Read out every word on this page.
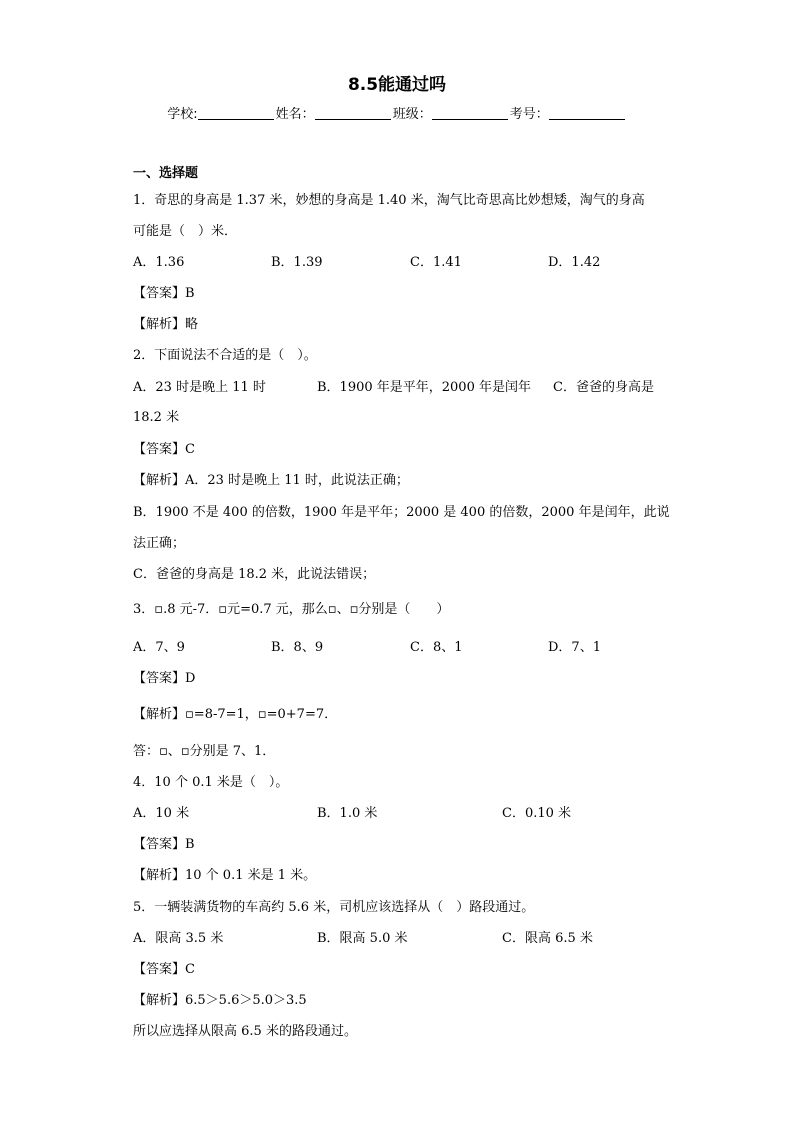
8.5能通过吗
学校:	姓名：	班级：	考号：
一、选择题
1．奇思的身高是 1.37 米，妙想的身高是 1.40 米，淘气比奇思高比妙想矮，淘气的身高
可能是（　）米．
A．1.36	B．1.39	C．1.41	D．1.42
【答案】B
【解析】略
2．下面说法不合适的是（　）。
A．23 时是晚上 11 时	B．1900 年是平年，2000 年是闰年 C．爸爸的身高是
18.2 米
【答案】C
【解析】A．23 时是晚上 11 时，此说法正确；
B．1900 不是 400 的倍数，1900 年是平年；2000 是 400 的倍数，2000 年是闰年，此说
法正确；
C．爸爸的身高是 18.2 米，此说法错误；
3．▫.8 元-7．▫元=0.7 元，那么▫、▫分别是（　　）
A．7、9	B．8、9	C．8、1	D．7、1
【答案】D
【解析】▫=8-7=1，▫=0+7=7．
答：▫、▫分别是 7、1．
4．10 个 0.1 米是（　）。
A．10 米	B．1.0 米	C．0.10 米
【答案】B
【解析】10 个 0.1 米是 1 米。
5．一辆装满货物的车高约 5.6 米，司机应该选择从（　）路段通过。
A．限高 3.5 米	B．限高 5.0 米	C．限高 6.5 米
【答案】C
【解析】6.5＞5.6＞5.0＞3.5
所以应选择从限高 6.5 米的路段通过。
